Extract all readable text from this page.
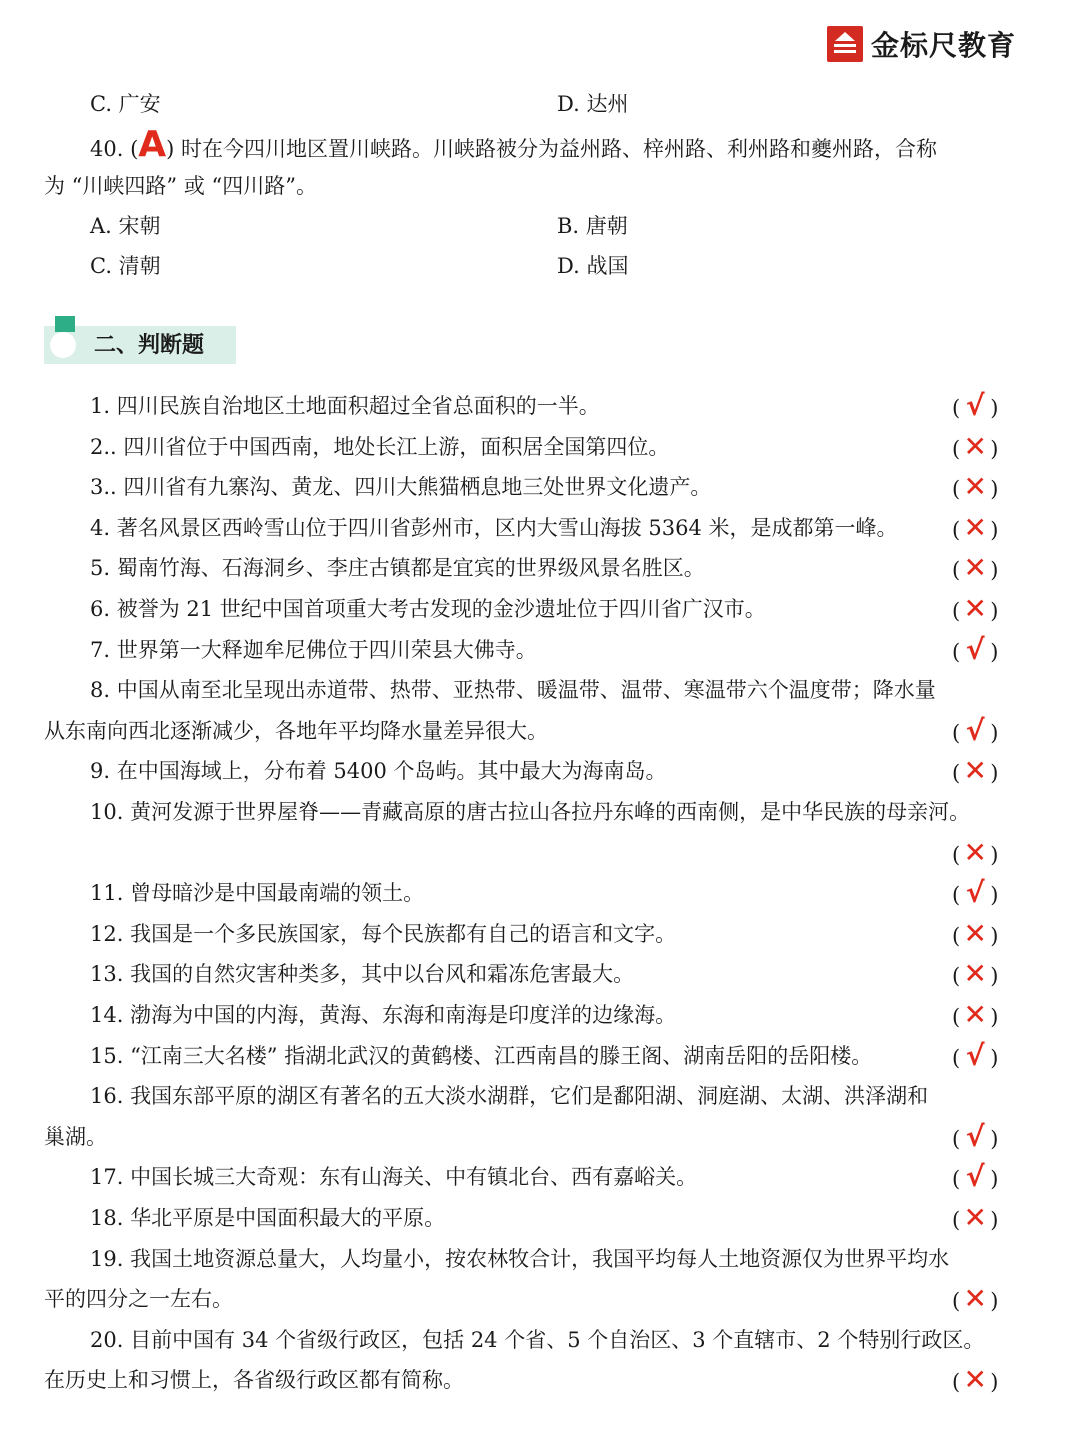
金标尺教育
C. 广安	D. 达州
40. (A) 时在今四川地区置川峡路。川峡路被分为益州路、梓州路、利州路和夔州路，合称
为 “川峡四路” 或 “四川路”。
A. 宋朝	B. 唐朝
C. 清朝	D. 战国
二、判断题
1. 四川民族自治地区土地面积超过全省总面积的一半。	( √ )
2.. 四川省位于中国西南，地处长江上游，面积居全国第四位。	( ✕ )
3.. 四川省有九寨沟、黄龙、四川大熊猫栖息地三处世界文化遗产。	( ✕ )
4. 著名风景区西岭雪山位于四川省彭州市，区内大雪山海拔 5364 米，是成都第一峰。	( ✕ )
5. 蜀南竹海、石海洞乡、李庄古镇都是宜宾的世界级风景名胜区。	( ✕ )
6. 被誉为 21 世纪中国首项重大考古发现的金沙遗址位于四川省广汉市。	( ✕ )
7. 世界第一大释迦牟尼佛位于四川荣县大佛寺。	( √ )
8. 中国从南至北呈现出赤道带、热带、亚热带、暖温带、温带、寒温带六个温度带；降水量
从东南向西北逐渐减少，各地年平均降水量差异很大。	( √ )
9. 在中国海域上，分布着 5400 个岛屿。其中最大为海南岛。	( ✕ )
10. 黄河发源于世界屋脊——青藏高原的唐古拉山各拉丹东峰的西南侧，是中华民族的母亲河。
( ✕ )
11. 曾母暗沙是中国最南端的领土。	( √ )
12. 我国是一个多民族国家，每个民族都有自己的语言和文字。	( ✕ )
13. 我国的自然灾害种类多，其中以台风和霜冻危害最大。	( ✕ )
14. 渤海为中国的内海，黄海、东海和南海是印度洋的边缘海。	( ✕ )
15. “江南三大名楼” 指湖北武汉的黄鹤楼、江西南昌的滕王阁、湖南岳阳的岳阳楼。	( √ )
16. 我国东部平原的湖区有著名的五大淡水湖群，它们是鄱阳湖、洞庭湖、太湖、洪泽湖和
巢湖。	( √ )
17. 中国长城三大奇观：东有山海关、中有镇北台、西有嘉峪关。	( √ )
18. 华北平原是中国面积最大的平原。	( ✕ )
19. 我国土地资源总量大，人均量小，按农林牧合计，我国平均每人土地资源仅为世界平均水
平的四分之一左右。	( ✕ )
20. 目前中国有 34 个省级行政区，包括 24 个省、5 个自治区、3 个直辖市、2 个特别行政区。
在历史上和习惯上，各省级行政区都有简称。	( ✕ )
